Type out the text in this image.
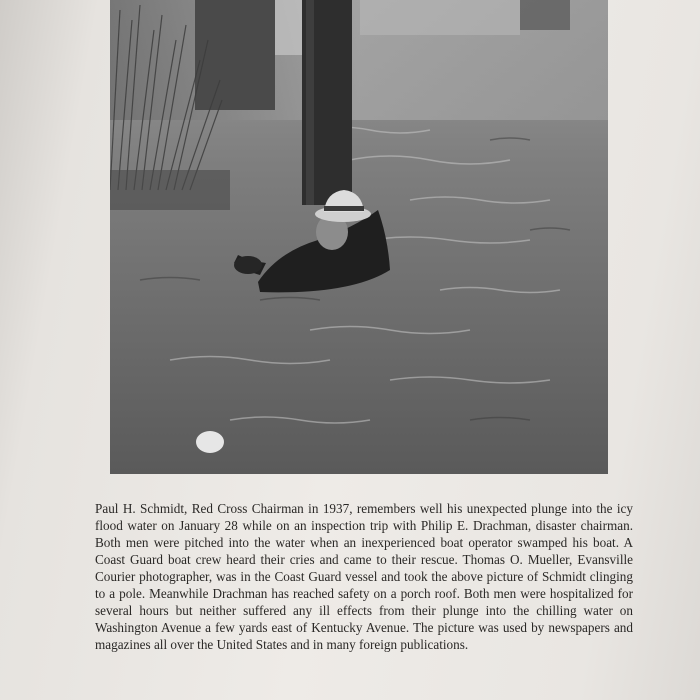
Paul H. Schmidt, Red Cross Chairman in 1937, remembers well his unexpected plunge into the icy flood water on January 28 while on an inspection trip with Philip E. Drachman, disaster chairman. Both men were pitched into the water when an inexperienced boat operator swamped his boat. A Coast Guard boat crew heard their cries and came to their rescue. Thomas O. Mueller, Evansville Courier photographer, was in the Coast Guard vessel and took the above picture of Schmidt clinging to a pole. Meanwhile Drachman has reached safety on a porch roof. Both men were hospitalized for several hours but neither suffered any ill effects from their plunge into the chilling water on Washington Avenue a few yards east of Kentucky Avenue. The picture was used by newspapers and magazines all over the United States and in many foreign publications.
